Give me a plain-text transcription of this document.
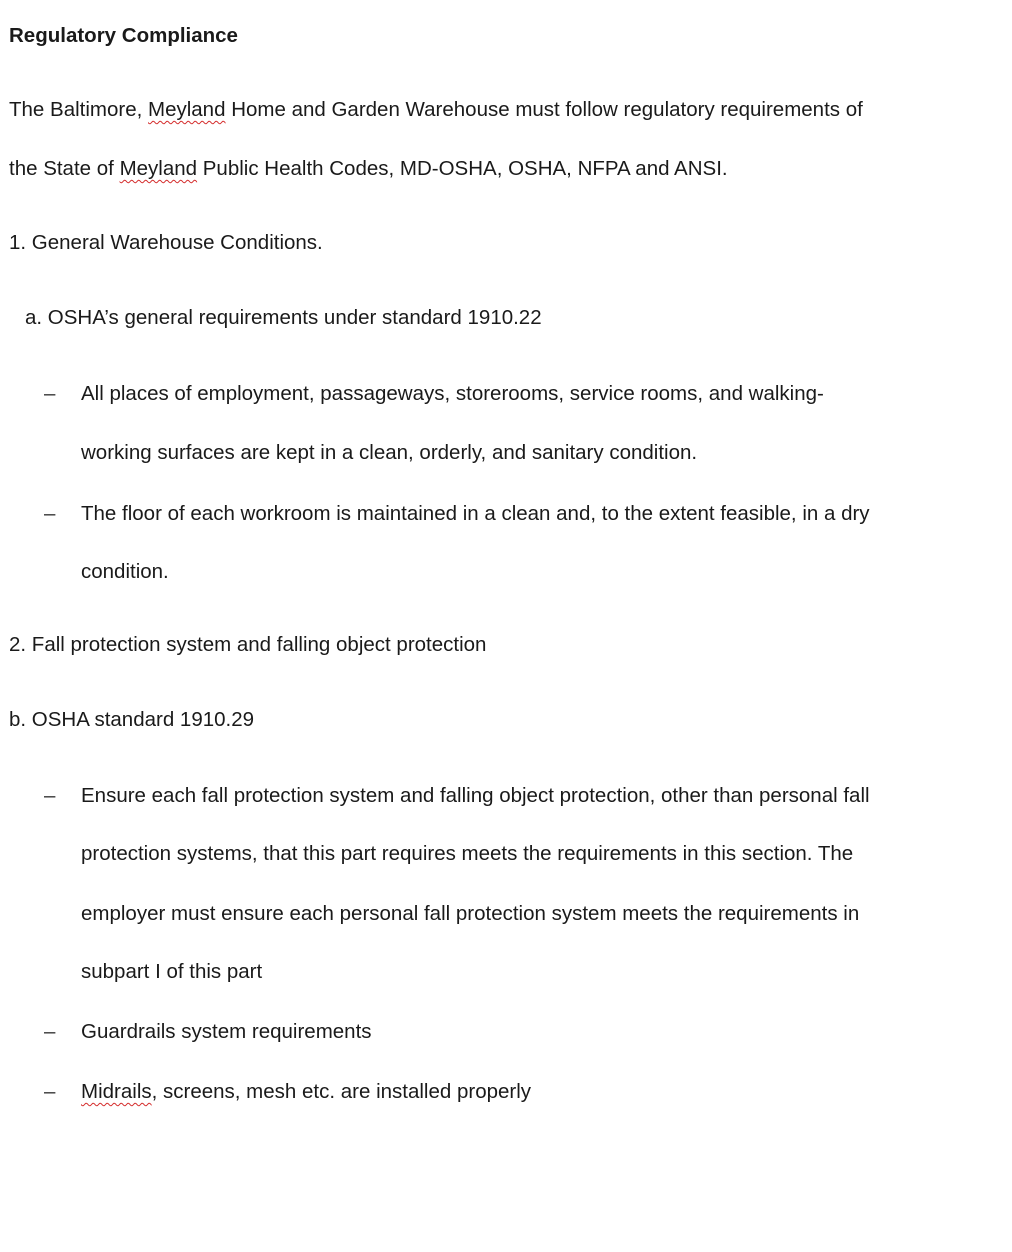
Regulatory Compliance
The Baltimore, Meyland Home and Garden Warehouse must follow regulatory requirements of
the State of Meyland Public Health Codes, MD-OSHA, OSHA, NFPA and ANSI.
1. General Warehouse Conditions.
a. OSHA’s general requirements under standard 1910.22
– All places of employment, passageways, storerooms, service rooms, and walking-
working surfaces are kept in a clean, orderly, and sanitary condition.
– The floor of each workroom is maintained in a clean and, to the extent feasible, in a dry
condition.
2. Fall protection system and falling object protection
b. OSHA standard 1910.29
– Ensure each fall protection system and falling object protection, other than personal fall
protection systems, that this part requires meets the requirements in this section. The
employer must ensure each personal fall protection system meets the requirements in
subpart I of this part
– Guardrails system requirements
– Midrails, screens, mesh etc. are installed properly
